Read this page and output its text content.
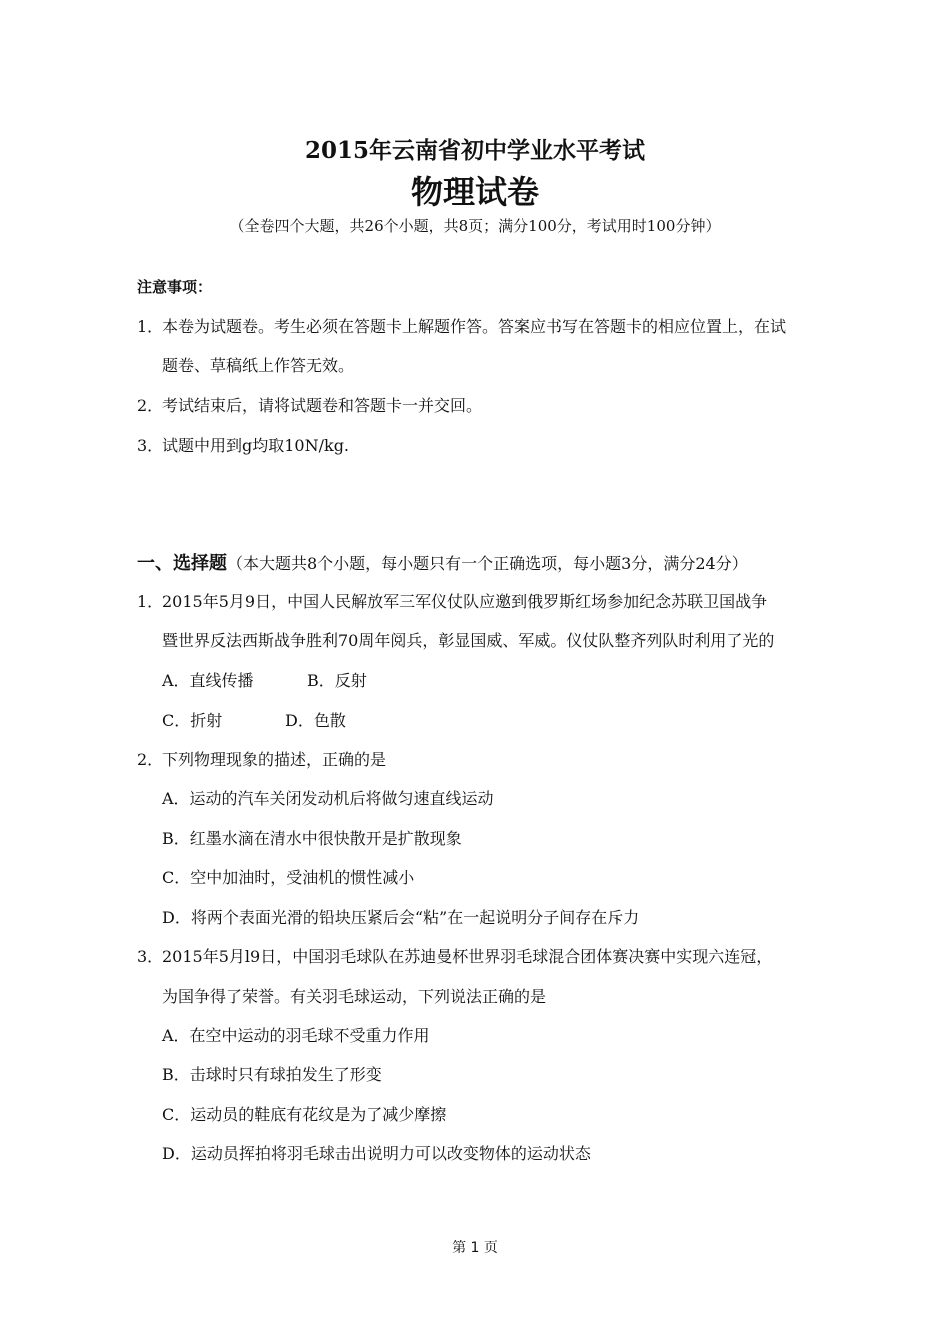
2015年云南省初中学业水平考试
物理试卷
（全卷四个大题，共26个小题，共8页；满分100分，考试用时100分钟）
注意事项：
1．本卷为试题卷。考生必须在答题卡上解题作答。答案应书写在答题卡的相应位置上，在试
题卷、草稿纸上作答无效。
2．考试结束后，请将试题卷和答题卡一并交回。
3．试题中用到g均取10N/kg.
一、选择题（本大题共8个小题，每小题只有一个正确选项，每小题3分，满分24分）
1．2015年5月9日，中国人民解放军三军仪仗队应邀到俄罗斯红场参加纪念苏联卫国战争
暨世界反法西斯战争胜利70周年阅兵，彰显国威、军威。仪仗队整齐列队时利用了光的
A．直线传播	B．反射
C．折射	D．色散
2．下列物理现象的描述，正确的是
A．运动的汽车关闭发动机后将做匀速直线运动
B．红墨水滴在清水中很快散开是扩散现象
C．空中加油时，受油机的惯性减小
D．将两个表面光滑的铅块压紧后会“粘”在一起说明分子间存在斥力
3．2015年5月l9日，中国羽毛球队在苏迪曼杯世界羽毛球混合团体赛决赛中实现六连冠，
为国争得了荣誉。有关羽毛球运动，下列说法正确的是
A．在空中运动的羽毛球不受重力作用
B．击球时只有球拍发生了形变
C．运动员的鞋底有花纹是为了减少摩擦
D．运动员挥拍将羽毛球击出说明力可以改变物体的运动状态
第 1 页
